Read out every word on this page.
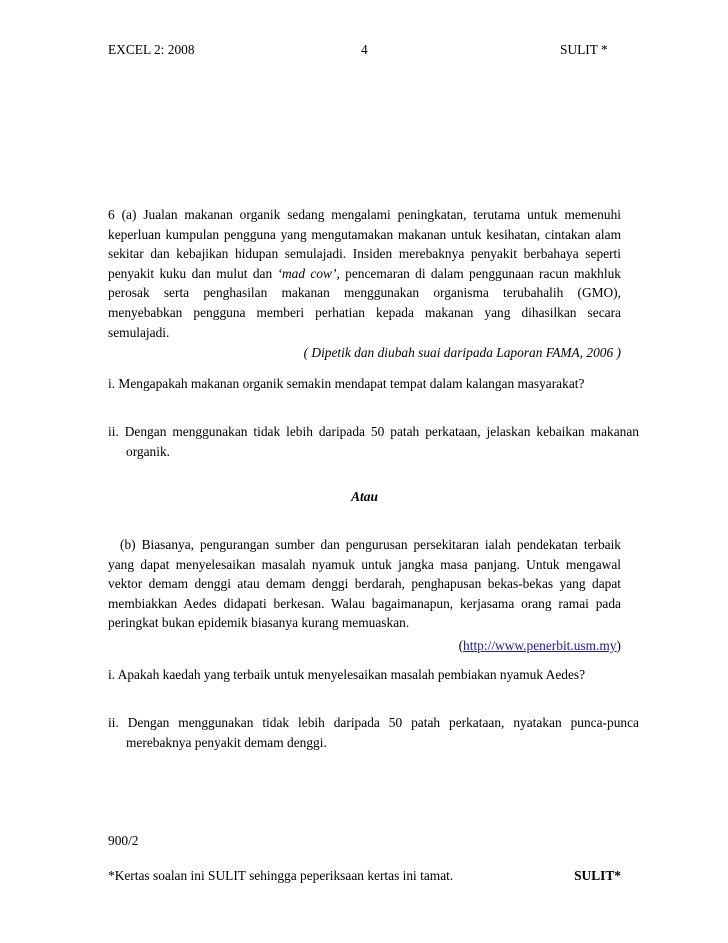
EXCEL 2: 2008	4	SULIT *
6 (a) Jualan makanan organik sedang mengalami peningkatan, terutama untuk memenuhi keperluan kumpulan pengguna yang mengutamakan makanan untuk kesihatan, cintakan alam sekitar dan kebajikan hidupan semulajadi. Insiden merebaknya penyakit berbahaya seperti penyakit kuku dan mulut dan ‘mad cow’, pencemaran di dalam penggunaan racun makhluk perosak serta penghasilan makanan menggunakan organisma terubahalih (GMO), menyebabkan pengguna memberi perhatian kepada makanan yang dihasilkan secara semulajadi.
( Dipetik dan diubah suai daripada Laporan FAMA, 2006 )
i. Mengapakah makanan organik semakin mendapat tempat dalam kalangan masyarakat?
ii. Dengan menggunakan tidak lebih daripada 50 patah perkataan, jelaskan kebaikan makanan organik.
Atau
(b) Biasanya, pengurangan sumber dan pengurusan persekitaran ialah pendekatan terbaik yang dapat menyelesaikan masalah nyamuk untuk jangka masa panjang. Untuk mengawal vektor demam denggi atau demam denggi berdarah, penghapusan bekas-bekas yang dapat membiakkan Aedes didapati berkesan. Walau bagaimanapun, kerjasama orang ramai pada peringkat bukan epidemik biasanya kurang memuaskan.
(http://www.penerbit.usm.my)
i. Apakah kaedah yang terbaik untuk menyelesaikan masalah pembiakan nyamuk Aedes?
ii. Dengan menggunakan tidak lebih daripada 50 patah perkataan, nyatakan punca-punca merebaknya penyakit demam denggi.
900/2
*Kertas soalan ini SULIT sehingga peperiksaan kertas ini tamat.	SULIT*
